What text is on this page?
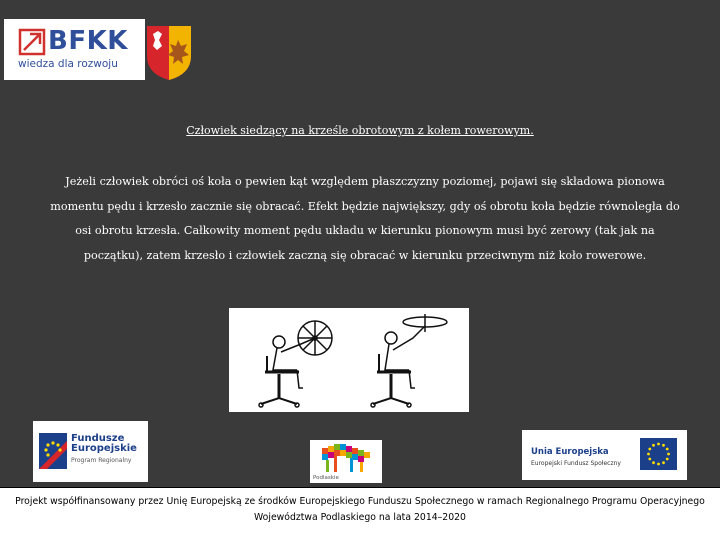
BFKK
wiedza dla rozwoju
Człowiek siedzący na krześle obrotowym z kołem rowerowym.
Jeżeli człowiek obróci oś koła o pewien kąt względem płaszczyzny poziomej, pojawi się składowa pionowa momentu pędu i krzesło zacznie się obracać. Efekt będzie największy, gdy oś obrotu koła będzie równoległa do osi obrotu krzesła. Całkowity moment pędu układu w kierunku pionowym musi być zerowy (tak jak na początku), zatem krzesło i człowiek zaczną się obracać w kierunku przeciwnym niż koło rowerowe.
Fundusze
Europejskie
Program Regionalny
Podlaskie
Unia Europejska
Europejski Fundusz Społeczny
Projekt współfinansowany przez Unię Europejską ze środków Europejskiego Funduszu Społecznego w ramach Regionalnego Programu Operacyjnego
Województwa Podlaskiego na lata 2014–2020
